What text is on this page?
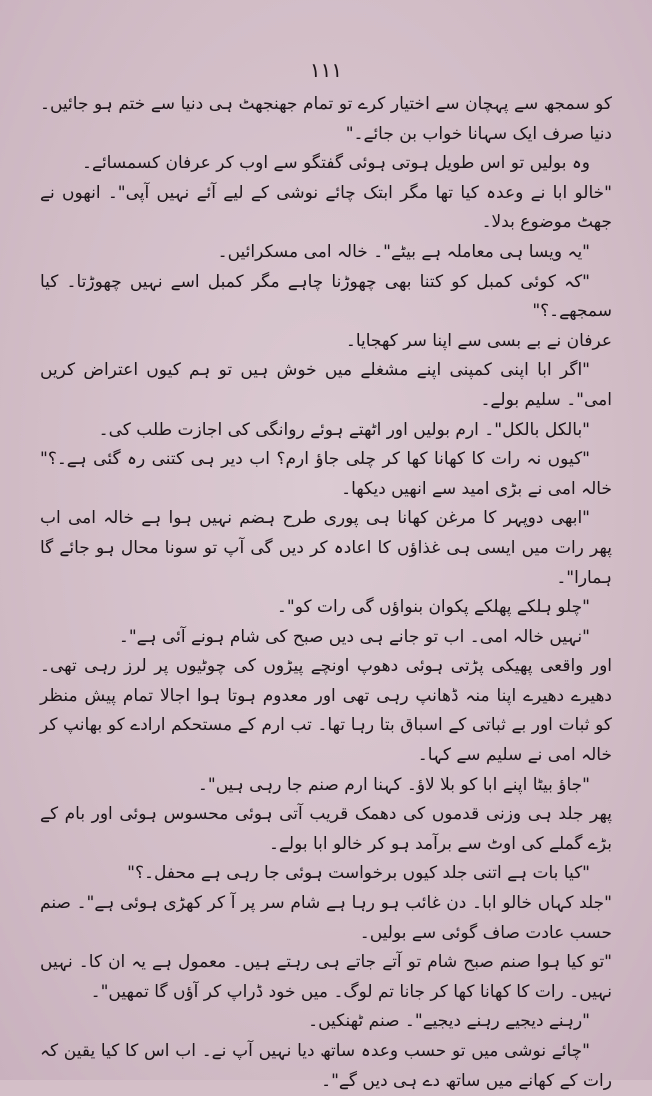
۱۱۱

کو سمجھ سے پہچان سے اختیار کرے تو تمام جھنجھٹ ہی دنیا سے ختم ہو جائیں۔ دنیا صرف ایک سہانا خواب بن جائے۔"

وہ بولیں تو اس طویل ہوتی ہوئی گفتگو سے اوب کر عرفان کسمسائے۔

"خالو ابا نے وعدہ کیا تھا مگر ابتک چائے نوشی کے لیے آئے نہیں آپی"۔ انھوں نے جھٹ موضوع بدلا۔

"یہ ویسا ہی معاملہ ہے بیٹے"۔ خالہ امی مسکرائیں۔

"کہ کوئی کمبل کو کتنا بھی چھوڑنا چاہے مگر کمبل اسے نہیں چھوڑتا۔ کیا سمجھے۔؟"

عرفان نے بے بسی سے اپنا سر کھجایا۔

"اگر ابا اپنی کمپنی اپنے مشغلے میں خوش ہیں تو ہم کیوں اعتراض کریں امی"۔ سلیم بولے۔

"بالکل بالکل"۔ ارم بولیں اور اٹھتے ہوئے روانگی کی اجازت طلب کی۔

"کیوں نہ رات کا کھانا کھا کر چلی جاؤ ارم؟ اب دیر ہی کتنی رہ گئی ہے۔؟" خالہ امی نے بڑی امید سے انھیں دیکھا۔

"ابھی دوپہر کا مرغن کھانا ہی پوری طرح ہضم نہیں ہوا ہے خالہ امی اب پھر رات میں ایسی ہی غذاؤں کا اعادہ کر دیں گی آپ تو سونا محال ہو جائے گا ہمارا"۔

"چلو ہلکے پھلکے پکوان بنواؤں گی رات کو"۔

"نہیں خالہ امی۔ اب تو جانے ہی دیں صبح کی شام ہونے آئی ہے"۔

اور واقعی پھیکی پڑتی ہوئی دھوپ اونچے پیڑوں کی چوٹیوں پر لرز رہی تھی۔ دھیرے دھیرے اپنا منہ ڈھانپ رہی تھی اور معدوم ہوتا ہوا اجالا تمام پیش منظر کو ثبات اور بے ثباتی کے اسباق بتا رہا تھا۔ تب ارم کے مستحکم ارادے کو بھانپ کر خالہ امی نے سلیم سے کہا۔

"جاؤ بیٹا اپنے ابا کو بلا لاؤ۔ کہنا ارم صنم جا رہی ہیں"۔

پھر جلد ہی وزنی قدموں کی دھمک قریب آتی ہوئی محسوس ہوئی اور بام کے بڑے گملے کی اوٹ سے برآمد ہو کر خالو ابا بولے۔

"کیا بات ہے اتنی جلد کیوں برخواست ہوئی جا رہی ہے محفل۔؟"

"جلد کہاں خالو ابا۔ دن غائب ہو رہا ہے شام سر پر آ کر کھڑی ہوئی ہے"۔ صنم حسب عادت صاف گوئی سے بولیں۔

"تو کیا ہوا صنم صبح شام تو آتے جاتے ہی رہتے ہیں۔ معمول ہے یہ ان کا۔ نہیں نہیں۔ رات کا کھانا کھا کر جانا تم لوگ۔ میں خود ڈراپ کر آؤں گا تمھیں"۔

"رہنے دیجیے رہنے دیجیے"۔ صنم ٹھنکیں۔

"چائے نوشی میں تو حسب وعدہ ساتھ دیا نہیں آپ نے۔ اب اس کا کیا یقین کہ رات کے کھانے میں ساتھ دے ہی دیں گے"۔
